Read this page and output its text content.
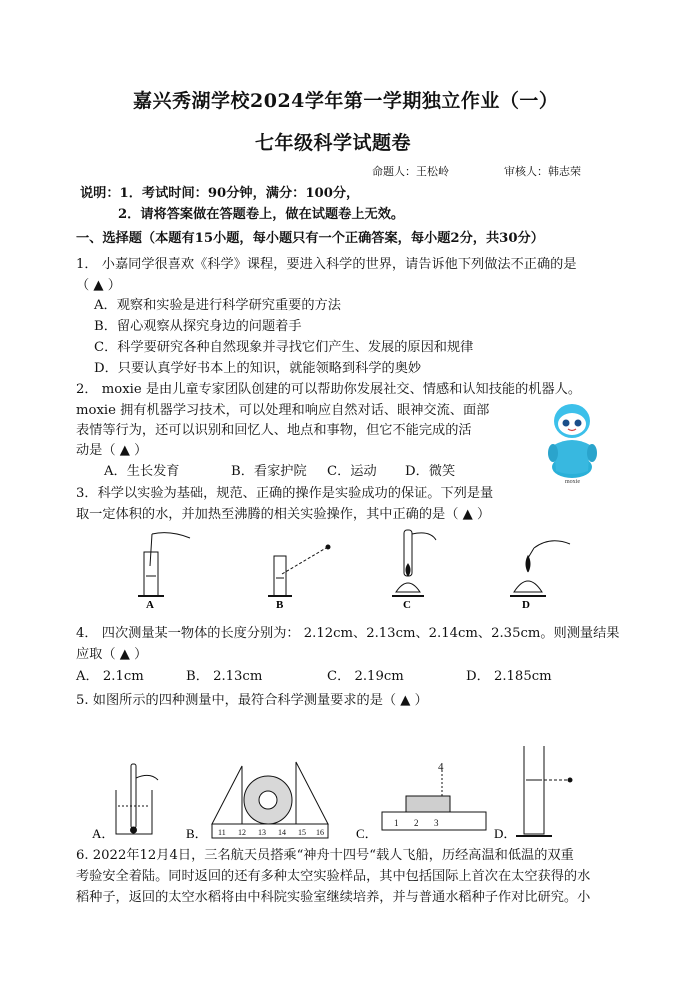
嘉兴秀湖学校2024学年第一学期独立作业（一）
七年级科学试题卷
命题人：王松岭	审核人：韩志荣
说明：1．考试时间：90分钟，满分：100分，
2．请将答案做在答题卷上，做在试题卷上无效。
一、选择题（本题有15小题，每小题只有一个正确答案，每小题2分，共30分）
1． 小嘉同学很喜欢《科学》课程，要进入科学的世界，请告诉他下列做法不正确的是
（ ▲ ）
A．观察和实验是进行科学研究重要的方法
B．留心观察从探究身边的问题着手
C．科学要研究各种自然现象并寻找它们产生、发展的原因和规律
D．只要认真学好书本上的知识，就能领略到科学的奥妙
2． moxie 是由儿童专家团队创建的可以帮助你发展社交、情感和认知技能的机器人。
moxie 拥有机器学习技术，可以处理和响应自然对话、眼神交流、面部
表情等行为，还可以识别和回忆人、地点和事物，但它不能完成的活
动是（ ▲ ）
A．生长发育	B．看家护院 C．运动 D．微笑
moxie
3．科学以实验为基础，规范、正确的操作是实验成功的保证。下列是量
取一定体积的水，并加热至沸腾的相关实验操作，其中正确的是（ ▲ ）
A	B	C	D
4． 四次测量某一物体的长度分别为： 2.12cm、2.13cm、2.14cm、2.35cm。则测量结果
应取（ ▲ ）
A． 2.1cm	B． 2.13cm	C． 2.19cm	D． 2.185cm
5. 如图所示的四种测量中，最符合科学测量要求的是（ ▲ ）
A．	11 12 13 14 15 16
B．
1 2 3
4
C．	D．
6. 2022年12月4日，三名航天员搭乘“神舟十四号“载人飞船，历经高温和低温的双重
考验安全着陆。同时返回的还有多种太空实验样品，其中包括国际上首次在太空获得的水
稻种子，返回的太空水稻将由中科院实验室继续培养，并与普通水稻种子作对比研究。小
